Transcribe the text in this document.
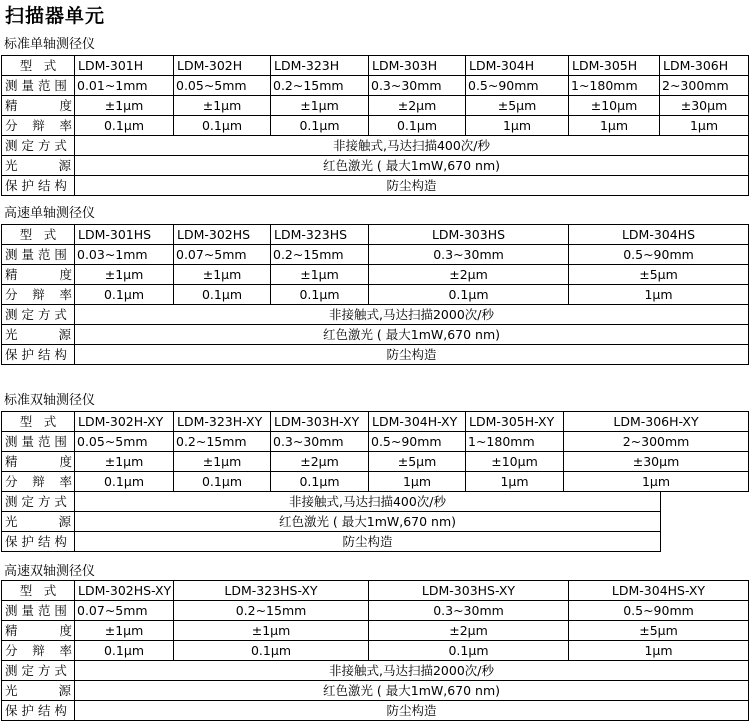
扫描器单元
标准单轴测径仪
型 式	LDM-301H	LDM-302H	LDM-323H	LDM-303H	LDM-304H	LDM-305H	LDM-306H
测 量 范 围	0.01~1mm	0.05~5mm	0.2~15mm	0.3~30mm	0.5~90mm	1~180mm	2~300mm

精 度	±1μm	±1μm	±1μm	±2μm	±5μm	±10μm	±30μm

分 辩 率	0.1μm	0.1μm	0.1μm	0.1μm	1μm	1μm	1μm
测 定 方 式	非接触式,马达扫描400次/秒						

光 源	红色激光 ( 最大1mW,670 nm)						
保 护 结 构	防尘构造						
高速单轴测径仪
型 式	LDM-301HS	LDM-302HS	LDM-323HS	LDM-303HS	LDM-304HS
测 量 范 围	0.03~1mm	0.07~5mm	0.2~15mm	0.3~30mm	0.5~90mm

精 度	±1μm	±1μm	±1μm	±2μm	±5μm

分 辩 率	0.1μm	0.1μm	0.1μm	0.1μm	1μm
测 定 方 式	非接触式,马达扫描2000次/秒				

光 源	红色激光 ( 最大1mW,670 nm)				
保 护 结 构	防尘构造				
标准双轴测径仪
型 式	LDM-302H-XY	LDM-323H-XY	LDM-303H-XY	LDM-304H-XY	LDM-305H-XY	LDM-306H-XY	
测 量 范 围	0.05~5mm	0.2~15mm	0.3~30mm	0.5~90mm	1~180mm	2~300mm	

精 度	±1μm	±1μm	±2μm	±5μm	±10μm	±30μm	

分 辩 率	0.1μm	0.1μm	0.1μm	1μm	1μm	1μm	
测 定 方 式	非接触式,马达扫描400次/秒						

光 源	红色激光 ( 最大1mW,670 nm)						
保 护 结 构	防尘构造						
高速双轴测径仪
型 式	LDM-302HS-XY	LDM-323HS-XY	LDM-303HS-XY	LDM-304HS-XY
测 量 范 围	0.07~5mm	0.2~15mm	0.3~30mm	0.5~90mm

精 度	±1μm	±1μm	±2μm	±5μm

分 辩 率	0.1μm	0.1μm	0.1μm	1μm
测 定 方 式	非接触式,马达扫描2000次/秒			

光 源	红色激光 ( 最大1mW,670 nm)			
保 护 结 构	防尘构造			
